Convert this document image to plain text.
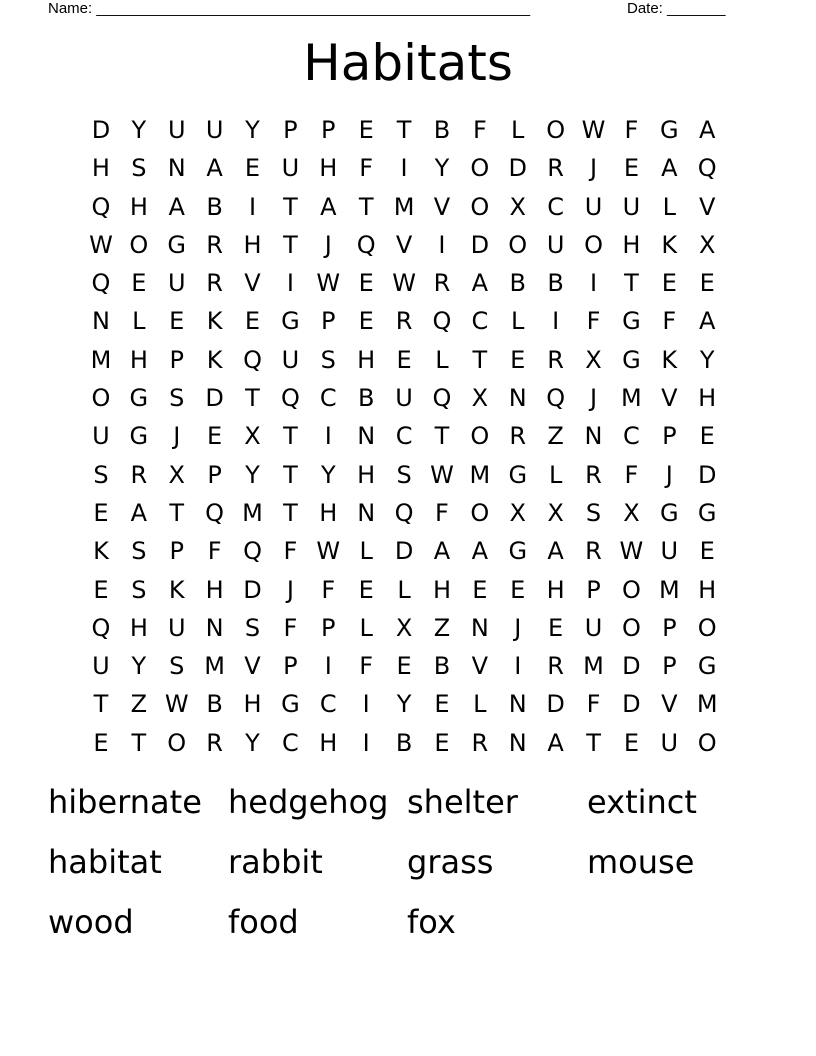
Name: ____________________________________________________	Date: _______
Habitats
D Y U U Y P P E T B F	L O W F G A
H S N A E U H F	I	Y O D R	J	E A Q
Q H A B	I	T A T M V O X C U U L V
W O G R H T	J	Q V	I	D O U O H K X
Q E U R V	I W E W R A B B	I	T E E
N L E K E G P E R Q C L	I	F G F A
M H P K Q U S H E L T E R X G K Y
O G S D T Q C B U Q X N Q	J M V H
U G	J	E X T	I	N C T O R Z N C P E
S R X P Y T Y H S W M G L R F	J	D
E A T Q M T H N Q F O X X S X G G
K S P F Q F W L D A A G A R W U E
E S K H D	J	F E L H E E H P O M H
Q H U N S F P L X Z N	J	E U O P O
U Y S M V P	I	F E B V	I	R M D P G
T Z W B H G C	I	Y E L N D F D V M
E T O R Y C H	I	B E R N A T E U O
hibernate hedgehog shelter	extinct
habitat	rabbit	grass	mouse
wood	food	fox
